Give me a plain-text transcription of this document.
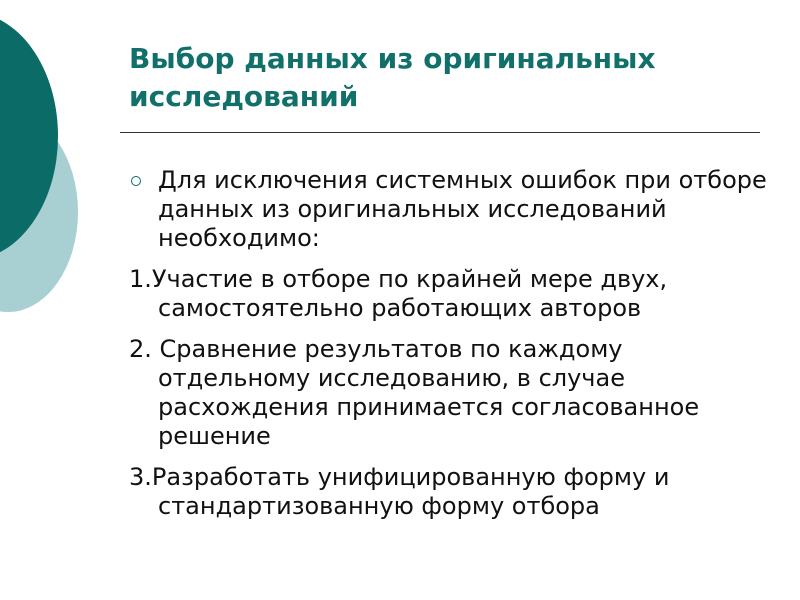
Выбор данных из оригинальных исследований
Для исключения системных ошибок при отборе данных из оригинальных исследований необходимо:

1.Участие в отборе по крайней мере двух, самостоятельно работающих авторов

2. Сравнение результатов по каждому отдельному исследованию, в случае расхождения принимается согласованное решение

3.Разработать унифицированную форму и стандартизованную форму отбора
